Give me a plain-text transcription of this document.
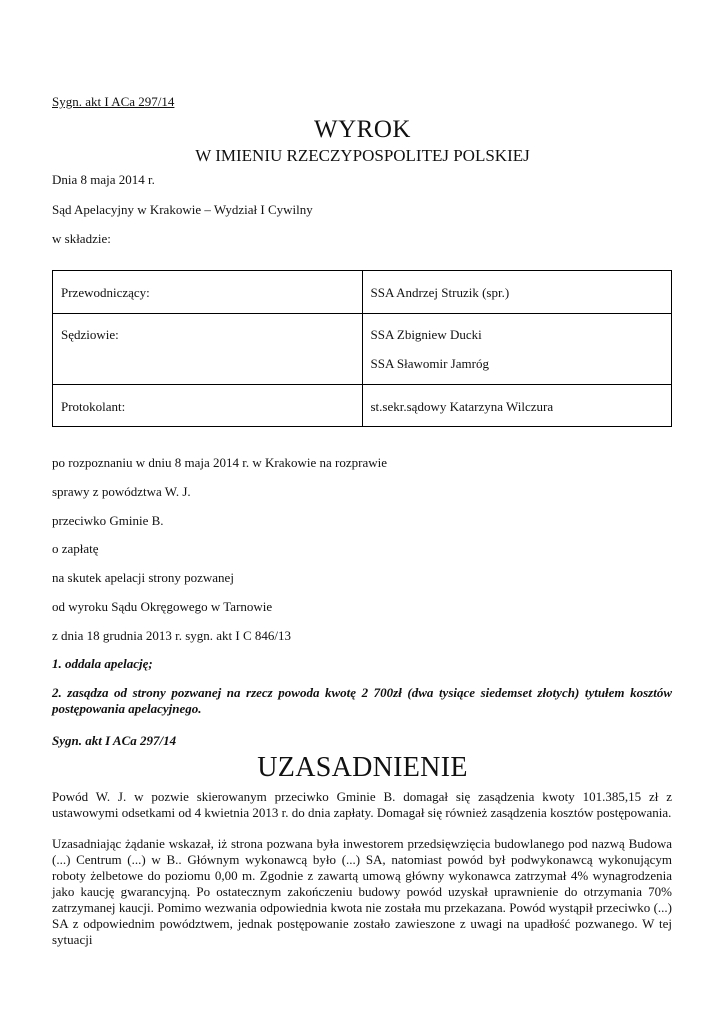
Sygn. akt I ACa 297/14
WYROK
W IMIENIU RZECZYPOSPOLITEJ POLSKIEJ
Dnia 8 maja 2014 r.
Sąd Apelacyjny w Krakowie – Wydział I Cywilny
w składzie:
Przewodniczący:	SSA Andrzej Struzik (spr.)

Sędziowie:	SSA Zbigniew Ducki
SSA Sławomir Jamróg

Protokolant:	st.sekr.sądowy Katarzyna Wilczura
po rozpoznaniu w dniu 8 maja 2014 r. w Krakowie na rozprawie
sprawy z powództwa W. J.
przeciwko Gminie B.
o zapłatę
na skutek apelacji strony pozwanej
od wyroku Sądu Okręgowego w Tarnowie
z dnia 18 grudnia 2013 r. sygn. akt I C 846/13
1. oddala apelację;
2. zasądza od strony pozwanej na rzecz powoda kwotę 2 700zł (dwa tysiące siedemset złotych) tytułem kosztów postępowania apelacyjnego.
Sygn. akt I ACa 297/14
UZASADNIENIE
Powód W. J. w pozwie skierowanym przeciwko Gminie B. domagał się zasądzenia kwoty 101.385,15 zł z ustawowymi odsetkami od 4 kwietnia 2013 r. do dnia zapłaty. Domagał się również zasądzenia kosztów postępowania.
Uzasadniając żądanie wskazał, iż strona pozwana była inwestorem przedsięwzięcia budowlanego pod nazwą Budowa (...) Centrum (...) w B.. Głównym wykonawcą było (...) SA, natomiast powód był podwykonawcą wykonującym roboty żelbetowe do poziomu 0,00 m. Zgodnie z zawartą umową główny wykonawca zatrzymał 4% wynagrodzenia jako kaucję gwarancyjną. Po ostatecznym zakończeniu budowy powód uzyskał uprawnienie do otrzymania 70% zatrzymanej kaucji. Pomimo wezwania odpowiednia kwota nie została mu przekazana. Powód wystąpił przeciwko (...) SA z odpowiednim powództwem, jednak postępowanie zostało zawieszone z uwagi na upadłość pozwanego. W tej sytuacji
